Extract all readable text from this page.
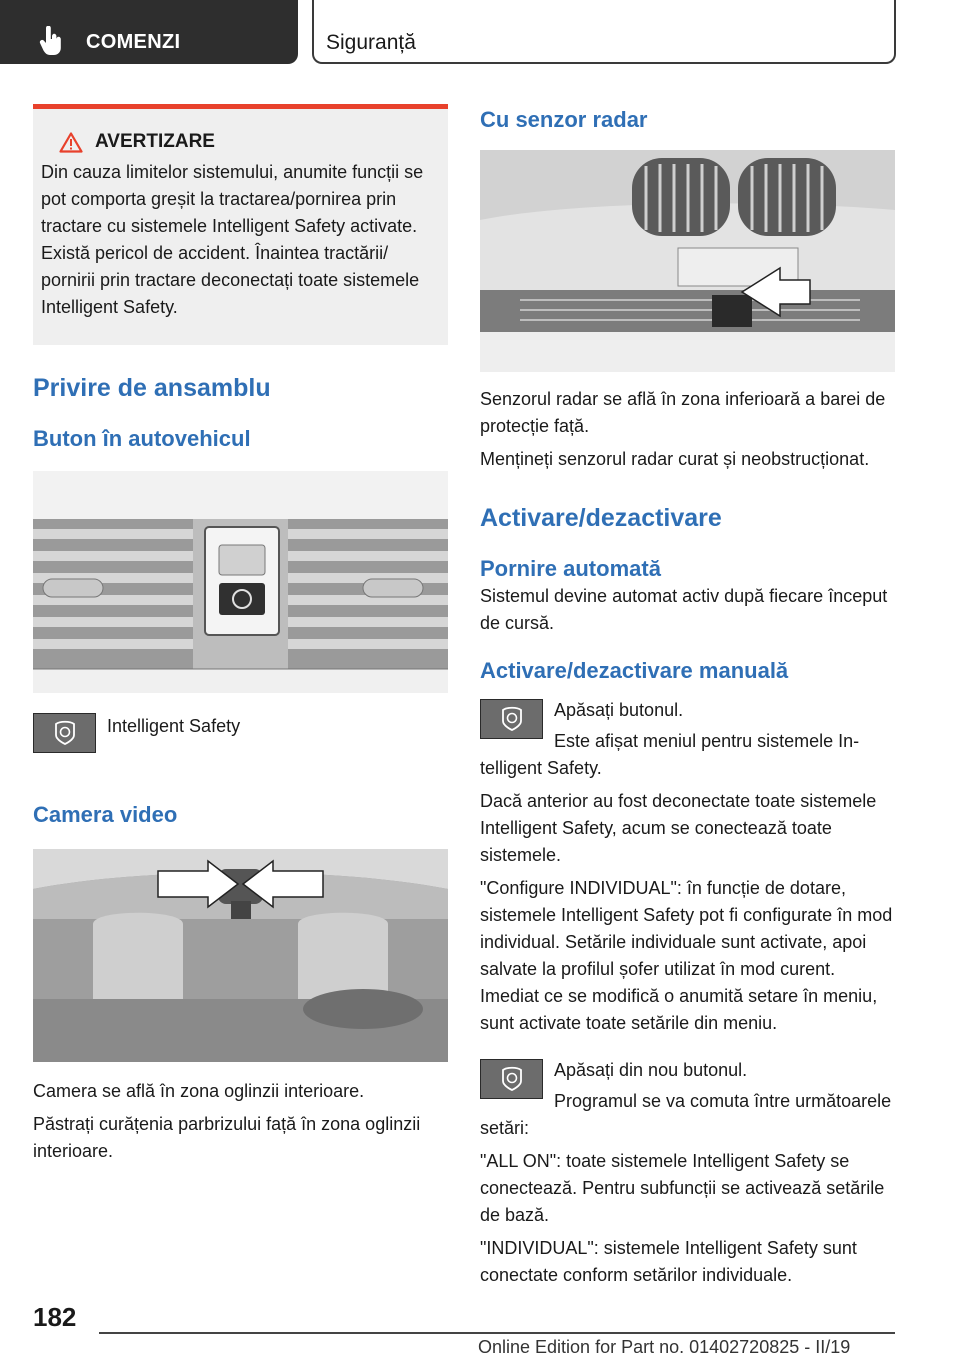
COMENZI	Siguranță
AVERTIZARE

Din cauza limitelor sistemului, anumite funcții se pot comporta greșit la tractarea/pornirea prin tractare cu sistemele Intelligent Safety activate. Există pericol de accident. Înaintea tractării/ pornirii prin tractare deconectați toate sistemele Intelligent Safety.

Privire de ansamblu
Buton în autovehicul

Intelligent Safety

Camera video

Camera se află în zona oglinzii interioare.

Păstrați curățenia parbrizului față în zona oglinzii interioare.

Cu senzor radar

Senzorul radar se află în zona inferioară a barei de protecție față.

Mențineți senzorul radar curat și neobstrucționat.

Activare/dezactivare
Pornire automată

Sistemul devine automat activ după fiecare început de cursă.

Activare/dezactivare manuală

Apăsați butonul.

Este afișat meniul pentru sistemele Intelligent Safety.

Dacă anterior au fost deconectate toate sistemele Intelligent Safety, acum se conectează toate sistemele.

"Configure INDIVIDUAL": în funcție de dotare, sistemele Intelligent Safety pot fi configurate în mod individual. Setările individuale sunt activate, apoi salvate la profilul șofer utilizat în mod curent. Imediat ce se modifică o anumită setare în meniu, sunt activate toate setările din meniu.

Apăsați din nou butonul.

Programul se va comuta între următoarele setări:

"ALL ON": toate sistemele Intelligent Safety se conectează. Pentru subfuncții se activează setările de bază.

"INDIVIDUAL": sistemele Intelligent Safety sunt conectate conform setărilor individuale.

182
Online Edition for Part no. 01402720825 - II/19
